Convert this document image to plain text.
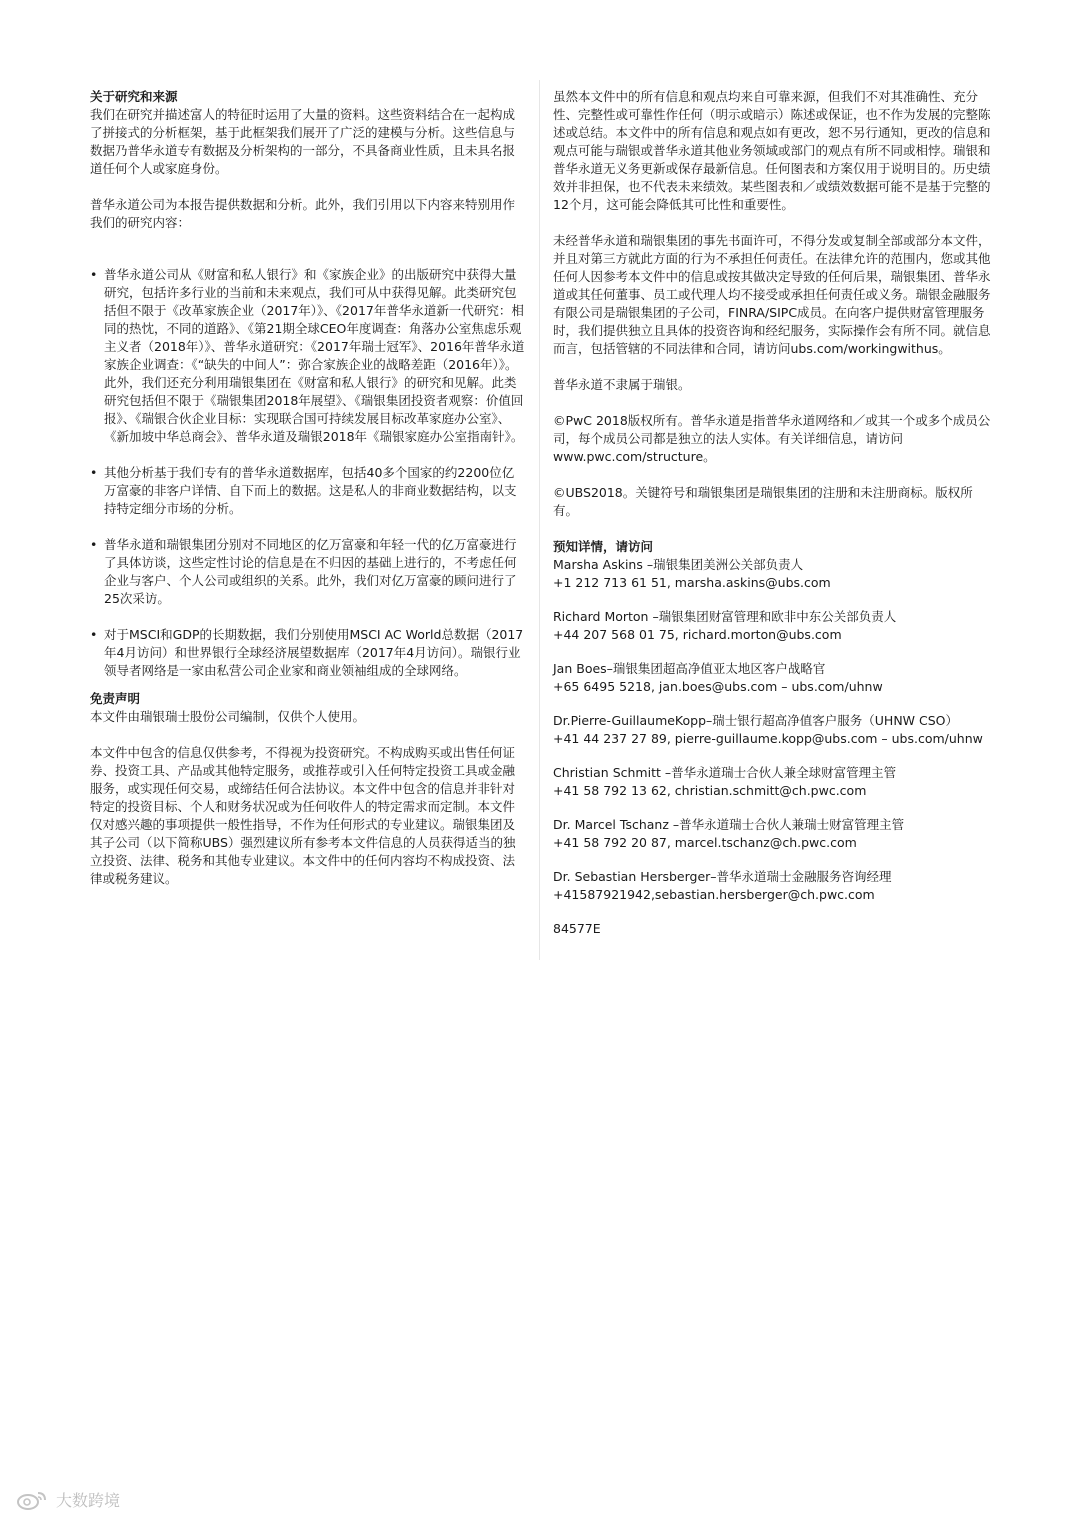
关于研究和来源

我们在研究并描述富人的特征时运用了大量的资料。这些资料结合在一起构成了拼接式的分析框架，基于此框架我们展开了广泛的建模与分析。这些信息与数据乃普华永道专有数据及分析架构的一部分，不具备商业性质，且未具名报道任何个人或家庭身份。

普华永道公司为本报告提供数据和分析。此外，我们引用以下内容来特别用作我们的研究内容：

• 普华永道公司从《财富和私人银行》和《家族企业》的出版研究中获得大量研究，包括许多行业的当前和未来观点，我们可从中获得见解。此类研究包括但不限于《改革家族企业（2017年）》、《2017年普华永道新一代研究：相同的热忱，不同的道路》、《第21期全球CEO年度调查：角落办公室焦虑乐观主义者（2018年）》、普华永道研究：《2017年瑞士冠军》、2016年普华永道家族企业调查：《“缺失的中间人”：弥合家族企业的战略差距（2016年）》。此外，我们还充分利用瑞银集团在《财富和私人银行》的研究和见解。此类研究包括但不限于《瑞银集团2018年展望》、《瑞银集团投资者观察：价值回报》、《瑞银合伙企业目标：实现联合国可持续发展目标改革家庭办公室》、《新加坡中华总商会》、普华永道及瑞银2018年《瑞银家庭办公室指南针》。
• 其他分析基于我们专有的普华永道数据库，包括40多个国家的约2200位亿万富豪的非客户详情、自下而上的数据。这是私人的非商业数据结构，以支持特定细分市场的分析。
• 普华永道和瑞银集团分别对不同地区的亿万富豪和年轻一代的亿万富豪进行了具体访谈，这些定性讨论的信息是在不归因的基础上进行的，不考虑任何企业与客户、个人公司或组织的关系。此外，我们对亿万富豪的顾问进行了25次采访。
• 对于MSCI和GDP的长期数据，我们分别使用MSCI AC World总数据（2017年4月访问）和世界银行全球经济展望数据库（2017年4月访问）。瑞银行业领导者网络是一家由私营公司企业家和商业领袖组成的全球网络。
免责声明

本文件由瑞银瑞士股份公司编制，仅供个人使用。

本文件中包含的信息仅供参考，不得视为投资研究。不构成购买或出售任何证券、投资工具、产品或其他特定服务，或推荐或引入任何特定投资工具或金融服务，或实现任何交易，或缔结任何合法协议。本文件中包含的信息并非针对特定的投资目标、个人和财务状况或为任何收件人的特定需求而定制。本文件仅对感兴趣的事项提供一般性指导，不作为任何形式的专业建议。瑞银集团及其子公司（以下简称UBS）强烈建议所有参考本文件信息的人员获得适当的独立投资、法律、税务和其他专业建议。本文件中的任何内容均不构成投资、法律或税务建议。

虽然本文件中的所有信息和观点均来自可靠来源，但我们不对其准确性、充分性、完整性或可靠性作任何（明示或暗示）陈述或保证，也不作为发展的完整陈述或总结。本文件中的所有信息和观点如有更改，恕不另行通知，更改的信息和观点可能与瑞银或普华永道其他业务领域或部门的观点有所不同或相悖。瑞银和普华永道无义务更新或保存最新信息。任何图表和方案仅用于说明目的。历史绩效并非担保，也不代表未来绩效。某些图表和／或绩效数据可能不是基于完整的12个月，这可能会降低其可比性和重要性。

未经普华永道和瑞银集团的事先书面许可，不得分发或复制全部或部分本文件，并且对第三方就此方面的行为不承担任何责任。在法律允许的范围内，您或其他任何人因参考本文件中的信息或按其做决定导致的任何后果，瑞银集团、普华永道或其任何董事、员工或代理人均不接受或承担任何责任或义务。瑞银金融服务有限公司是瑞银集团的子公司，FINRA/SIPC成员。在向客户提供财富管理服务时，我们提供独立且具体的投资咨询和经纪服务，实际操作会有所不同。就信息而言，包括管辖的不同法律和合同，请访问ubs.com/workingwithus。

普华永道不隶属于瑞银。

©PwC 2018版权所有。普华永道是指普华永道网络和／或其一个或多个成员公司，每个成员公司都是独立的法人实体。有关详细信息，请访问www.pwc.com/structure。

©UBS2018。关键符号和瑞银集团是瑞银集团的注册和未注册商标。版权所有。

预知详情，请访问
Marsha Askins –瑞银集团美洲公关部负责人
+1 212 713 61 51, marsha.askins@ubs.com
Richard Morton –瑞银集团财富管理和欧非中东公关部负责人
+44 207 568 01 75, richard.morton@ubs.com
Jan Boes–瑞银集团超高净值亚太地区客户战略官
+65 6495 5218, jan.boes@ubs.com – ubs.com/uhnw
Dr.Pierre-GuillaumeKopp–瑞士银行超高净值客户服务（UHNW CSO）
+41 44 237 27 89, pierre-guillaume.kopp@ubs.com – ubs.com/uhnw
Christian Schmitt –普华永道瑞士合伙人兼全球财富管理主管
+41 58 792 13 62, christian.schmitt@ch.pwc.com
Dr. Marcel Tschanz –普华永道瑞士合伙人兼瑞士财富管理主管
+41 58 792 20 87, marcel.tschanz@ch.pwc.com
Dr. Sebastian Hersberger–普华永道瑞士金融服务咨询经理
+41587921942,sebastian.hersberger@ch.pwc.com

84577E

大数跨境
